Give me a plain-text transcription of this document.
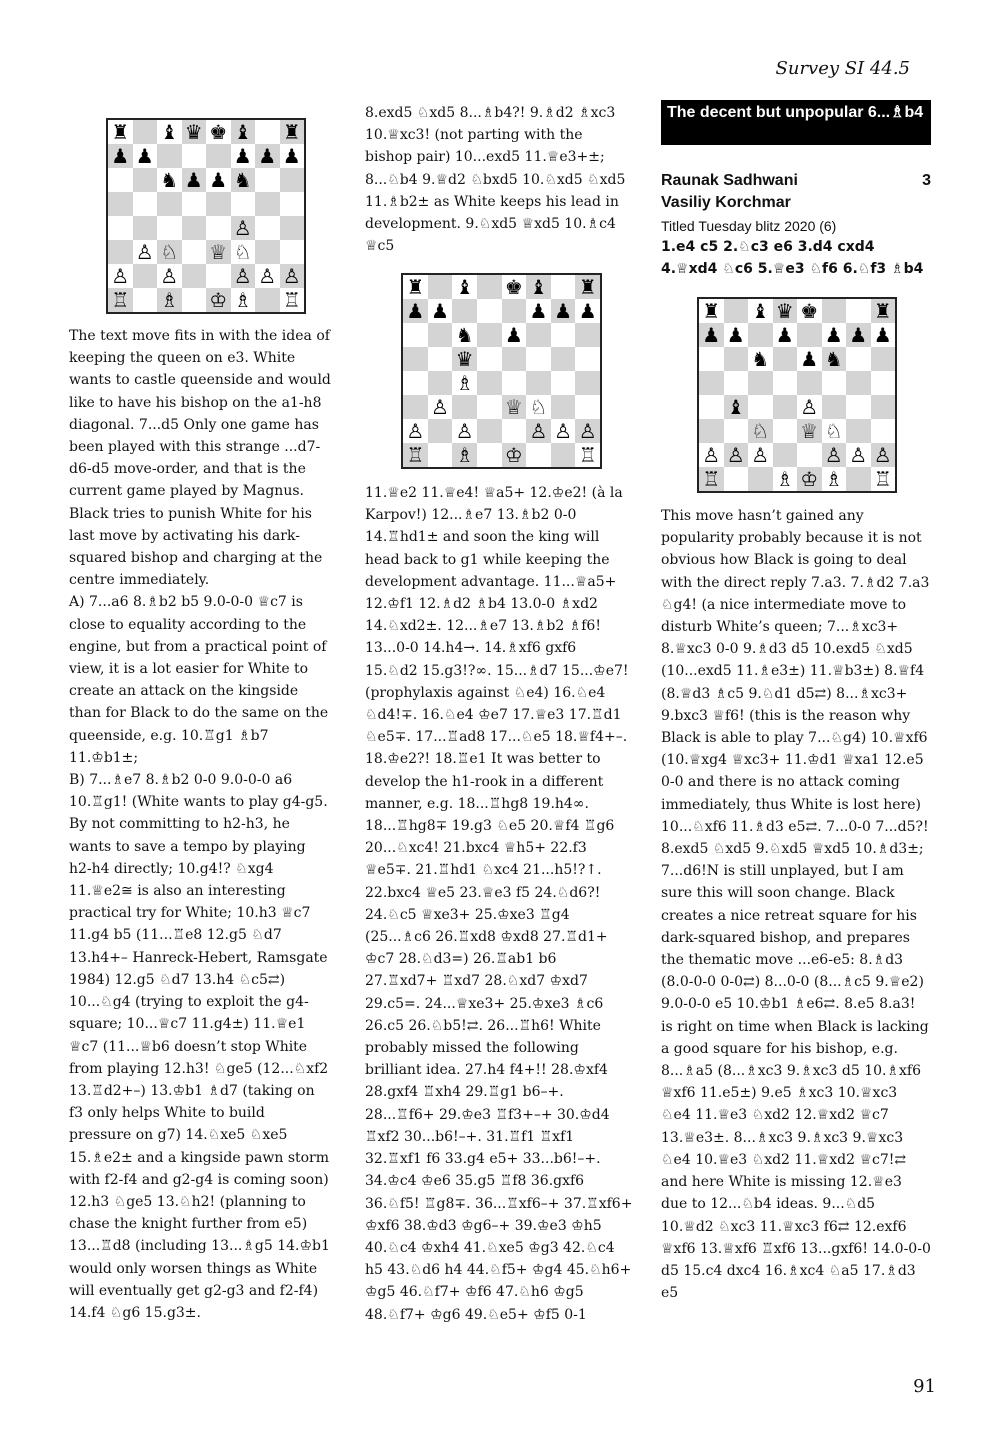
Survey SI 44.5
♜ ♝ ♛ ♚ ♝ ♜
♟ ♟	♟ ♟ ♟
♞ ♟ ♟ ♞
♙
♙ ♘ ♕ ♘
♙ ♙	♙ ♙ ♙
♖ ♗ ♔ ♗ ♖

The text move fits in with the idea of keeping the queen on e3. White wants to castle queenside and would like to have his bishop on the a1-h8 diagonal. 7...d5 Only one game has been played with this strange ...d7-d6-d5 move-order, and that is the current game played by Magnus. Black tries to punish White for his last move by activating his dark-squared bishop and charging at the centre immediately.
A) 7...a6 8.♗b2 b5 9.0-0-0 ♕c7 is close to equality according to the engine, but from a practical point of view, it is a lot easier for White to create an attack on the kingside than for Black to do the same on the queenside, e.g. 10.♖g1 ♗b7 11.♔b1±;
B) 7...♗e7 8.♗b2 0-0 9.0-0-0 a6 10.♖g1! (White wants to play g4-g5. By not committing to h2-h3, he wants to save a tempo by playing h2-h4 directly; 10.g4!? ♘xg4 11.♕e2≅ is also an interesting practical try for White; 10.h3 ♕c7 11.g4 b5 (11...♖e8 12.g5 ♘d7 13.h4+– Hanreck-Hebert, Ramsgate 1984) 12.g5 ♘d7 13.h4 ♘c5⇄) 10...♘g4 (trying to exploit the g4-square; 10...♕c7 11.g4±) 11.♕e1 ♕c7 (11...♕b6 doesn’t stop White from playing 12.h3! ♘ge5 (12...♘xf2 13.♖d2+–) 13.♔b1 ♗d7 (taking on f3 only helps White to build pressure on g7) 14.♘xe5 ♘xe5 15.♗e2± and a kingside pawn storm with f2-f4 and g2-g4 is coming soon) 12.h3 ♘ge5 13.♘h2! (planning to chase the knight further from e5) 13...♖d8 (including 13...♗g5 14.♔b1 would only worsen things as White will eventually get g2-g3 and f2-f4) 14.f4 ♘g6 15.g3±.

8.exd5 ♘xd5 8...♗b4?! 9.♗d2 ♗xc3 10.♕xc3! (not parting with the bishop pair) 10...exd5 11.♕e3+±; 8...♘b4 9.♕d2 ♘bxd5 10.♘xd5 ♘xd5 11.♗b2± as White keeps his lead in development. 9.♘xd5 ♕xd5 10.♗c4 ♕c5

♜ ♝ ♚ ♝ ♜
♟ ♟	♟ ♟ ♟
♞ ♟
♛
♗
♙	♕ ♘
♙ ♙	♙ ♙ ♙
♖ ♗ ♔	♖

11.♕e2 11.♕e4! ♕a5+ 12.♔e2! (à la Karpov!) 12...♗e7 13.♗b2 0-0 14.♖hd1± and soon the king will head back to g1 while keeping the development advantage. 11...♕a5+ 12.♔f1 12.♗d2 ♗b4 13.0-0 ♗xd2 14.♘xd2±. 12...♗e7 13.♗b2 ♗f6! 13...0-0 14.h4→. 14.♗xf6 gxf6 15.♘d2 15.g3!?∞. 15...♗d7 15...♔e7! (prophylaxis against ♘e4) 16.♘e4 ♘d4!∓. 16.♘e4 ♔e7 17.♕e3 17.♖d1 ♘e5∓. 17...♖ad8 17...♘e5 18.♕f4+–. 18.♔e2?! 18.♖e1 It was better to develop the h1-rook in a different manner, e.g. 18...♖hg8 19.h4∞. 18...♖hg8∓ 19.g3 ♘e5 20.♕f4 ♖g6 20...♘xc4! 21.bxc4 ♕h5+ 22.f3 ♕e5∓. 21.♖hd1 ♘xc4 21...h5!?↑. 22.bxc4 ♕e5 23.♕e3 f5 24.♘d6?! 24.♘c5 ♕xe3+ 25.♔xe3 ♖g4 (25...♗c6 26.♖xd8 ♔xd8 27.♖d1+ ♔c7 28.♘d3=) 26.♖ab1 b6 27.♖xd7+ ♖xd7 28.♘xd7 ♔xd7 29.c5=. 24...♕xe3+ 25.♔xe3 ♗c6 26.c5 26.♘b5!⇄. 26...♖h6! White probably missed the following brilliant idea. 27.h4 f4+!! 28.♔xf4 28.gxf4 ♖xh4 29.♖g1 b6–+. 28...♖f6+ 29.♔e3 ♖f3+–+ 30.♔d4 ♖xf2 30...b6!–+. 31.♖f1 ♖xf1 32.♖xf1 f6 33.g4 e5+ 33...b6!–+. 34.♔c4 ♔e6 35.g5 ♖f8 36.gxf6 36.♘f5! ♖g8∓. 36...♖xf6–+ 37.♖xf6+ ♔xf6 38.♔d3 ♔g6–+ 39.♔e3 ♔h5 40.♘c4 ♔xh4 41.♘xe5 ♔g3 42.♘c4 h5 43.♘d6 h4 44.♘f5+ ♔g4 45.♘h6+ ♔g5 46.♘f7+ ♔f6 47.♘h6 ♔g5 48.♘f7+ ♔g6 49.♘e5+ ♔f5 0-1

The decent but unpopular 6...♗b4
Raunak Sadhwani
Vasiliy Korchmar
3
Titled Tuesday blitz 2020 (6)

1.e4 c5 2.♘c3 e6 3.d4 cxd4 4.♕xd4 ♘c6 5.♕e3 ♘f6 6.♘f3 ♗b4

♜ ♝ ♛ ♚	♜
♟ ♟ ♟ ♟ ♟ ♟
♞ ♟ ♞
♝	♙
♘ ♕ ♘
♙ ♙ ♙	♙ ♙ ♙
♖	♗ ♔ ♗ ♖

This move hasn’t gained any popularity probably because it is not obvious how Black is going to deal with the direct reply 7.a3. 7.♗d2 7.a3 ♘g4! (a nice intermediate move to disturb White’s queen; 7...♗xc3+ 8.♕xc3 0-0 9.♗d3 d5 10.exd5 ♘xd5 (10...exd5 11.♗e3±) 11.♕b3±) 8.♕f4 (8.♕d3 ♗c5 9.♘d1 d5⇄) 8...♗xc3+ 9.bxc3 ♕f6! (this is the reason why Black is able to play 7...♘g4) 10.♕xf6 (10.♕xg4 ♕xc3+ 11.♔d1 ♕xa1 12.e5 0-0 and there is no attack coming immediately, thus White is lost here) 10...♘xf6 11.♗d3 e5⇄. 7...0-0 7...d5?! 8.exd5 ♘xd5 9.♘xd5 ♕xd5 10.♗d3±; 7...d6!N is still unplayed, but I am sure this will soon change. Black creates a nice retreat square for his dark-squared bishop, and prepares the thematic move ...e6-e5: 8.♗d3 (8.0-0-0 0-0⇄) 8...0-0 (8...♗c5 9.♕e2) 9.0-0-0 e5 10.♔b1 ♗e6⇄. 8.e5 8.a3! is right on time when Black is lacking a good square for his bishop, e.g. 8...♗a5 (8...♗xc3 9.♗xc3 d5 10.♗xf6 ♕xf6 11.e5±) 9.e5 ♗xc3 10.♕xc3 ♘e4 11.♕e3 ♘xd2 12.♕xd2 ♕c7 13.♕e3±. 8...♗xc3 9.♗xc3 9.♕xc3 ♘e4 10.♕e3 ♘xd2 11.♕xd2 ♕c7!⇄ and here White is missing 12.♕e3 due to 12...♘b4 ideas. 9...♘d5 10.♕d2 ♘xc3 11.♕xc3 f6⇄ 12.exf6 ♕xf6 13.♕xf6 ♖xf6 13...gxf6! 14.0-0-0 d5 15.c4 dxc4 16.♗xc4 ♘a5 17.♗d3 e5

91
